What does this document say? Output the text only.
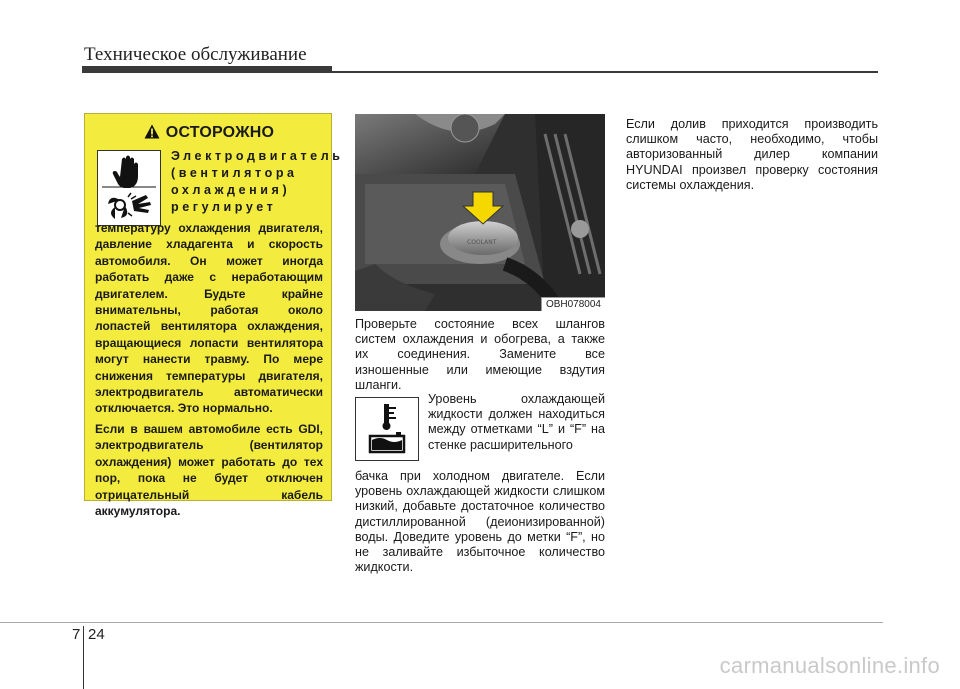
Техническое обслуживание
ОСТОРОЖНО
Электродвигатель (вентилятора охлаждения) регулирует

температуру охлаждения двигателя, давление хладагента и скорость автомобиля. Он может иногда работать даже с неработающим двигателем. Будьте крайне внимательны, работая около лопастей вентилятора охлаждения, вращающиеся лопасти вентилятора могут нанести травму. По мере снижения температуры двигателя, электродвигатель автоматически отключается. Это нормально.

Если в вашем автомобиле есть GDI, электродвигатель (вентилятор охлаждения) может работать до тех пор, пока не будет отключен отрицательный кабель аккумулятора.

COOLANT
OBH078004
Проверьте состояние всех шлангов систем охлаждения и обогрева, а также их соединения. Замените все изношенные или имеющие вздутия шланги.
Уровень охлаждающей жидкости должен находиться между отметками “L” и “F” на стенке расширительного
бачка при холодном двигателе. Если уровень охлаждающей жидкости слишком низкий, добавьте достаточное количество дистиллированной (деионизированной) воды. Доведите уровень до метки “F”, но не заливайте избыточное количество жидкости.
Если долив приходится производить слишком часто, необходимо, чтобы авторизованный дилер компании HYUNDAI произвел проверку состояния системы охлаждения.
7 24
carmanualsonline.info
